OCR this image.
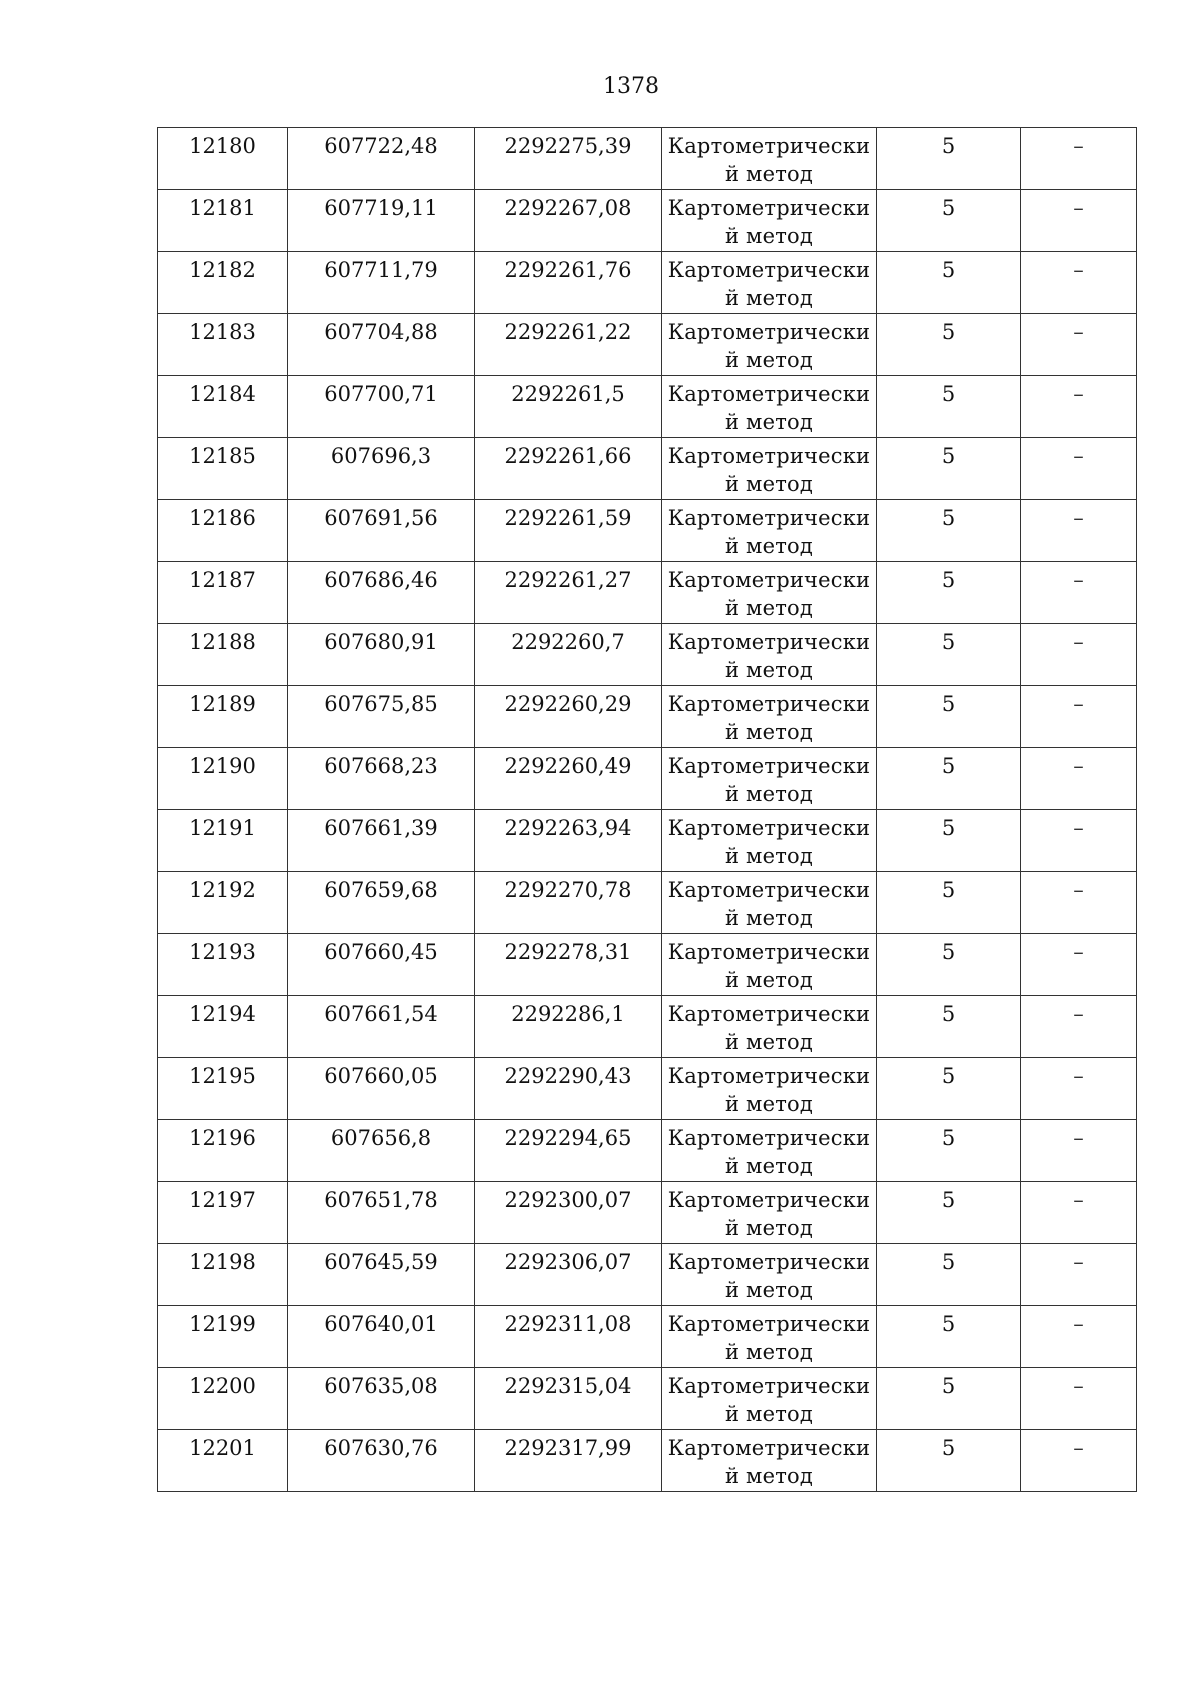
1378
12180	607722,48	2292275,39	Картометрический метод	5	–
12181	607719,11	2292267,08	Картометрический метод	5	–
12182	607711,79	2292261,76	Картометрический метод	5	–
12183	607704,88	2292261,22	Картометрический метод	5	–
12184	607700,71	2292261,5	Картометрический метод	5	–
12185	607696,3	2292261,66	Картометрический метод	5	–
12186	607691,56	2292261,59	Картометрический метод	5	–
12187	607686,46	2292261,27	Картометрический метод	5	–
12188	607680,91	2292260,7	Картометрический метод	5	–
12189	607675,85	2292260,29	Картометрический метод	5	–
12190	607668,23	2292260,49	Картометрический метод	5	–
12191	607661,39	2292263,94	Картометрический метод	5	–
12192	607659,68	2292270,78	Картометрический метод	5	–
12193	607660,45	2292278,31	Картометрический метод	5	–
12194	607661,54	2292286,1	Картометрический метод	5	–
12195	607660,05	2292290,43	Картометрический метод	5	–
12196	607656,8	2292294,65	Картометрический метод	5	–
12197	607651,78	2292300,07	Картометрический метод	5	–
12198	607645,59	2292306,07	Картометрический метод	5	–
12199	607640,01	2292311,08	Картометрический метод	5	–
12200	607635,08	2292315,04	Картометрический метод	5	–
12201	607630,76	2292317,99	Картометрический метод	5	–
